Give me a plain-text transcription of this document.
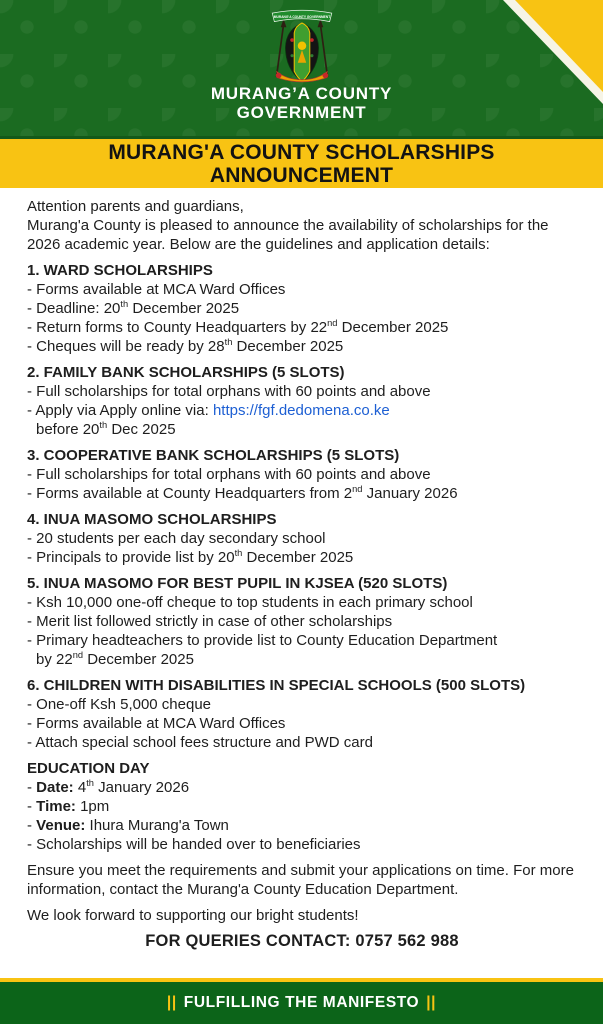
MURANG'A COUNTY GOVERNMENT
MURANG’A COUNTY
GOVERNMENT
MURANG'A COUNTY SCHOLARSHIPS
ANNOUNCEMENT
Attention parents and guardians,
Murang'a County is pleased to announce the availability of scholarships for the 2026 academic year. Below are the guidelines and application details:
1. WARD SCHOLARSHIPS
- Forms available at MCA Ward Offices
- Deadline: 20th December 2025
- Return forms to County Headquarters by 22nd December 2025
- Cheques will be ready by 28th December 2025
2. FAMILY BANK SCHOLARSHIPS (5 SLOTS)
- Full scholarships for total orphans with 60 points and above
- Apply via Apply online via: https://fgf.dedomena.co.ke
before 20th Dec 2025
3. COOPERATIVE BANK SCHOLARSHIPS (5 SLOTS)
- Full scholarships for total orphans with 60 points and above
- Forms available at County Headquarters from 2nd January 2026
4. INUA MASOMO SCHOLARSHIPS
- 20 students per each day secondary school
- Principals to provide list by 20th December 2025
5. INUA MASOMO FOR BEST PUPIL IN KJSEA (520 SLOTS)
- Ksh 10,000 one-off cheque to top students in each primary school
- Merit list followed strictly in case of other scholarships
- Primary headteachers to provide list to County Education Department
by 22nd December 2025
6. CHILDREN WITH DISABILITIES IN SPECIAL SCHOOLS (500 SLOTS)
- One-off Ksh 5,000 cheque
- Forms available at MCA Ward Offices
- Attach special school fees structure and PWD card
EDUCATION DAY
- Date: 4th January 2026
- Time: 1pm
- Venue: Ihura Murang'a Town
- Scholarships will be handed over to beneficiaries
Ensure you meet the requirements and submit your applications on time. For more information, contact the Murang'a County Education Department.
We look forward to supporting our bright students!
FOR QUERIES CONTACT: 0757 562 988
|| FULFILLING THE MANIFESTO ||
